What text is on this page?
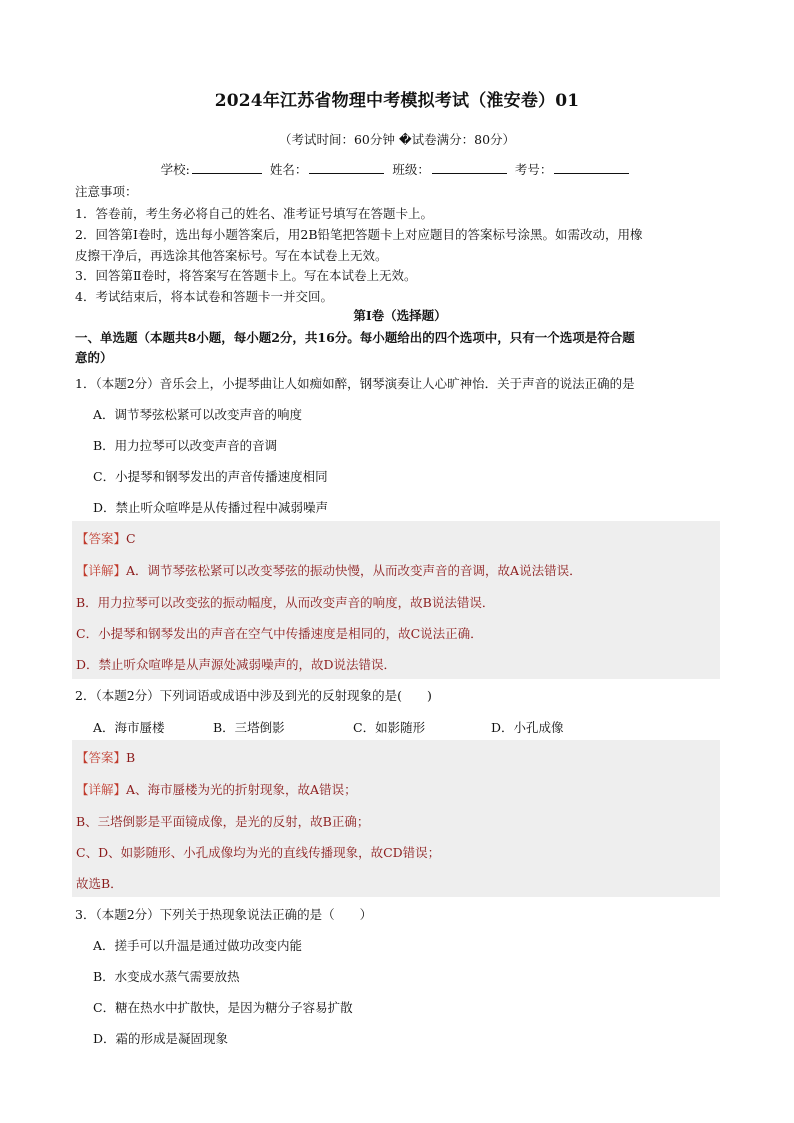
2024年江苏省物理中考模拟考试（淮安卷）01
（考试时间：60分钟 �试卷满分：80分）
学校:	姓名：	班级：	考号：
注意事项：
1．答卷前，考生务必将自己的姓名、准考证号填写在答题卡上。
2．回答第Ⅰ卷时，选出每小题答案后，用2B铅笔把答题卡上对应题目的答案标号涂黑。如需改动，用橡
皮擦干净后，再选涂其他答案标号。写在本试卷上无效。
3．回答第Ⅱ卷时，将答案写在答题卡上。写在本试卷上无效。
4．考试结束后，将本试卷和答题卡一并交回。
第Ⅰ卷（选择题）
一、单选题（本题共8小题，每小题2分，共16分。每小题给出的四个选项中，只有一个选项是符合题
意的）
1．（本题2分）音乐会上，小提琴曲让人如痴如醉，钢琴演奏让人心旷神怡．关于声音的说法正确的是
A．调节琴弦松紧可以改变声音的响度
B．用力拉琴可以改变声音的音调
C．小提琴和钢琴发出的声音传播速度相同
D．禁止听众喧哗是从传播过程中减弱噪声
【答案】C
【详解】A．调节琴弦松紧可以改变琴弦的振动快慢，从而改变声音的音调，故A说法错误．
B．用力拉琴可以改变弦的振动幅度，从而改变声音的响度，故B说法错误．
C．小提琴和钢琴发出的声音在空气中传播速度是相同的，故C说法正确．
D．禁止听众喧哗是从声源处减弱噪声的，故D说法错误．
2．（本题2分）下列词语或成语中涉及到光的反射现象的是(　　)
A．海市蜃楼	B．三塔倒影	C．如影随形	D．小孔成像
【答案】B
【详解】A、海市蜃楼为光的折射现象，故A错误；
B、三塔倒影是平面镜成像，是光的反射，故B正确；
C、D、如影随形、小孔成像均为光的直线传播现象，故CD错误；
故选B．
3．（本题2分）下列关于热现象说法正确的是（　　）
A．搓手可以升温是通过做功改变内能
B．水变成水蒸气需要放热
C．糖在热水中扩散快，是因为糖分子容易扩散
D．霜的形成是凝固现象
